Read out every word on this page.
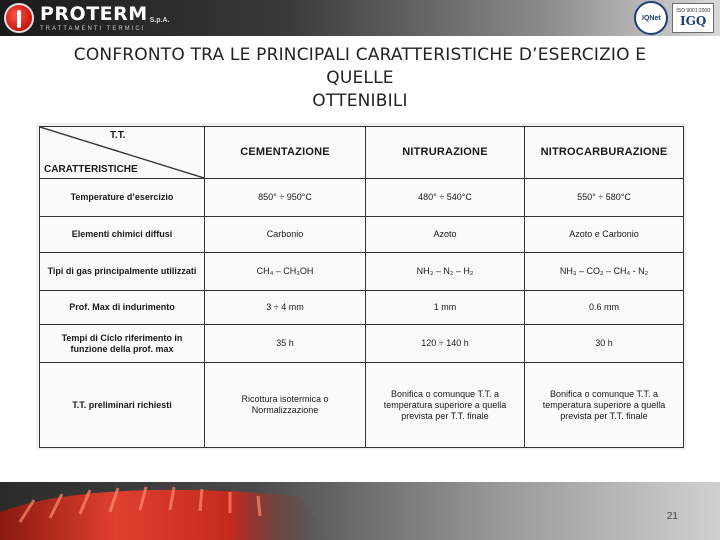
PROTERM S.p.A.
TRATTAMENTI TERMICI
IQNet
ISO 9001:2000
IGQ
CONFRONTO TRA LE PRINCIPALI CARATTERISTICHE D’ESERCIZIO E QUELLE
OTTENIBILI
T.T.
CARATTERISTICHE	CEMENTAZIONE	NITRURAZIONE	NITROCARBURAZIONE
Temperature d’esercizio	850° ÷ 950°C	480° ÷ 540°C	550° ÷ 580°C
Elementi chimici diffusi	Carbonio	Azoto	Azoto e Carbonio
Tipi di gas principalmente utilizzati	CH₄ – CH₃OH	NH₃ – N₂ – H₂	NH₃ – CO₂ – CH₄ - N₂
Prof. Max di indurimento	3 ÷ 4 mm	1 mm	0.6 mm
Tempi di Ciclo riferimento in funzione della prof. max	35 h	120 ÷ 140 h	30 h
T.T. preliminari richiesti	Ricottura isotermica o Normalizzazione	Bonifica o comunque T.T. a temperatura superiore a quella prevista per T.T. finale	Bonifica o comunque T.T. a temperatura superiore a quella prevista per T.T. finale
21
